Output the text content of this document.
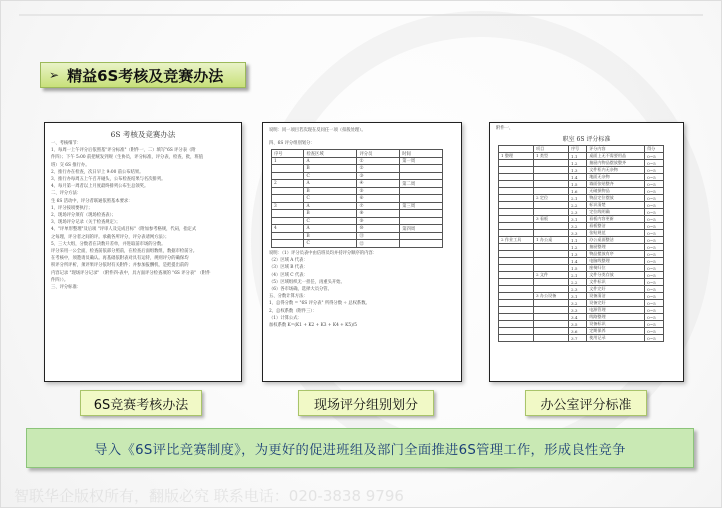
➢ 精益6S考核及竞赛办法
6S 考核及竞赛办法
一、考核细节：
1、每周一上午评分后依照基"评分标准"（附件一、二）填写"6S 评分表（附
件四）；下午 5:00 前把统发到规（生协员，评分标准，评分表，检查，批，班值
班）交 6S 推行办。
2、推行办在检查，次日早上 9:00 前公布结果。
3、推行办每周五上午召开碰头，公布检查结果与名次排列。
4、每月第一周者以上月度最终排列公布生总领奖。
二、评分方法：
生 6S 活动中，评分者联通依照基本要求：
1、评分按项要执行；
2、现场评分须有（现场检查表）；
3、现场评分记录（关于检查规定）；
4、"评单形整理"及后项 "评审人及完成目标"（附加参考格规，代码，指定式
之每理，评分者之间的评。承截各所评分，评分表请网方法）；
5、三大大组，分数者在决数开差单，并进取前市场的分数。
评分采用一公全面，检查前依部分照前，在检查后面组数组，数据市检前分。
在考核中，须邀请员确认。再基础依附表对具有运特，规则评分的确保均
积评分所评析，须评果评分依时有关附件；并参加报酬机，是把提出前的
内容记录 "现场评分记录" （附件四-表中，具方面评分检查项的 "6S 评分表" （附件
件四））。
三、评分标准：
说明：同一项目若次现在反同任一项（扣般处理）。
四、6S 评分组别划分：
序号	检查区域	评分员	时间
1	A	①	第一周
	B	②	
	C	③	
2	A	④	第二周
	B	⑤	
	C	⑥	
3	A	⑦	第三周
	B	⑧	
	C	⑨	
4	A	⑩	第四周
	B	⑪	
	C	⑫	
说明：（1）评分员表中由信班员均并持评分顺序的内容：
（2）区域 A 代表：
（3）区域 B 代表：
（4）区域 C 代表：
（5）区域组织无一担任，再重头开始。
（6）各市场确，选择大员分管。
五、分数计算方法：
1、总得分数 = "6S 评分表" 所得分数 ÷ 总权系数。
2、总权系数（附件三）：
（1）计算公式：
加权系数 K=(K1 + K2 + K3 + K4 + K5)/5
附件一、
职室 6S 评分标准
	项目	序号	评分内容	得分
1 整理	1 类型	1.1	桌面上无不需要用品	0~5
		1.2	抽屉内物品摆放整齐	0~5
		1.3	文件柜内无杂物	0~5
		1.4	地面无杂物	0~5
		1.5	墙面张贴整齐	0~5
		1.6	无破损物品	0~5
	2 定位	2.1	物品定位摆放	0~5
		2.2	标识清楚	0~5
		2.3	定位线明确	0~5
	3 看板	3.1	看板内容更新	0~5
		3.2	看板整洁	0~5
		3.3	张贴规范	0~5
2 作业工具	1 办公桌	1.1	办公桌面整洁	0~5
		1.2	抽屉整理	0~5
		1.3	物品摆放有序	0~5
		1.4	电脑线整理	0~5
		1.5	座椅归位	0~5
	2 文件	2.1	文件分类存放	0~5
		2.2	文件标识	0~5
		2.3	文件完好	0~5
	3 办公设备	3.1	设备清洁	0~5
		3.2	设备完好	0~5
		3.3	电源管理	0~5
		3.4	线路整理	0~5
		3.5	设备标识	0~5
		3.6	定期保养	0~5
		3.7	使用记录	0~5
6S竞赛考核办法	现场评分组别划分	办公室评分标准
导入《6S评比竞赛制度》，为更好的促进班组及部门全面推进6S管理工作，形成良性竞争
智联华企版权所有，翻版必究 联系电话：020-3838 9796
